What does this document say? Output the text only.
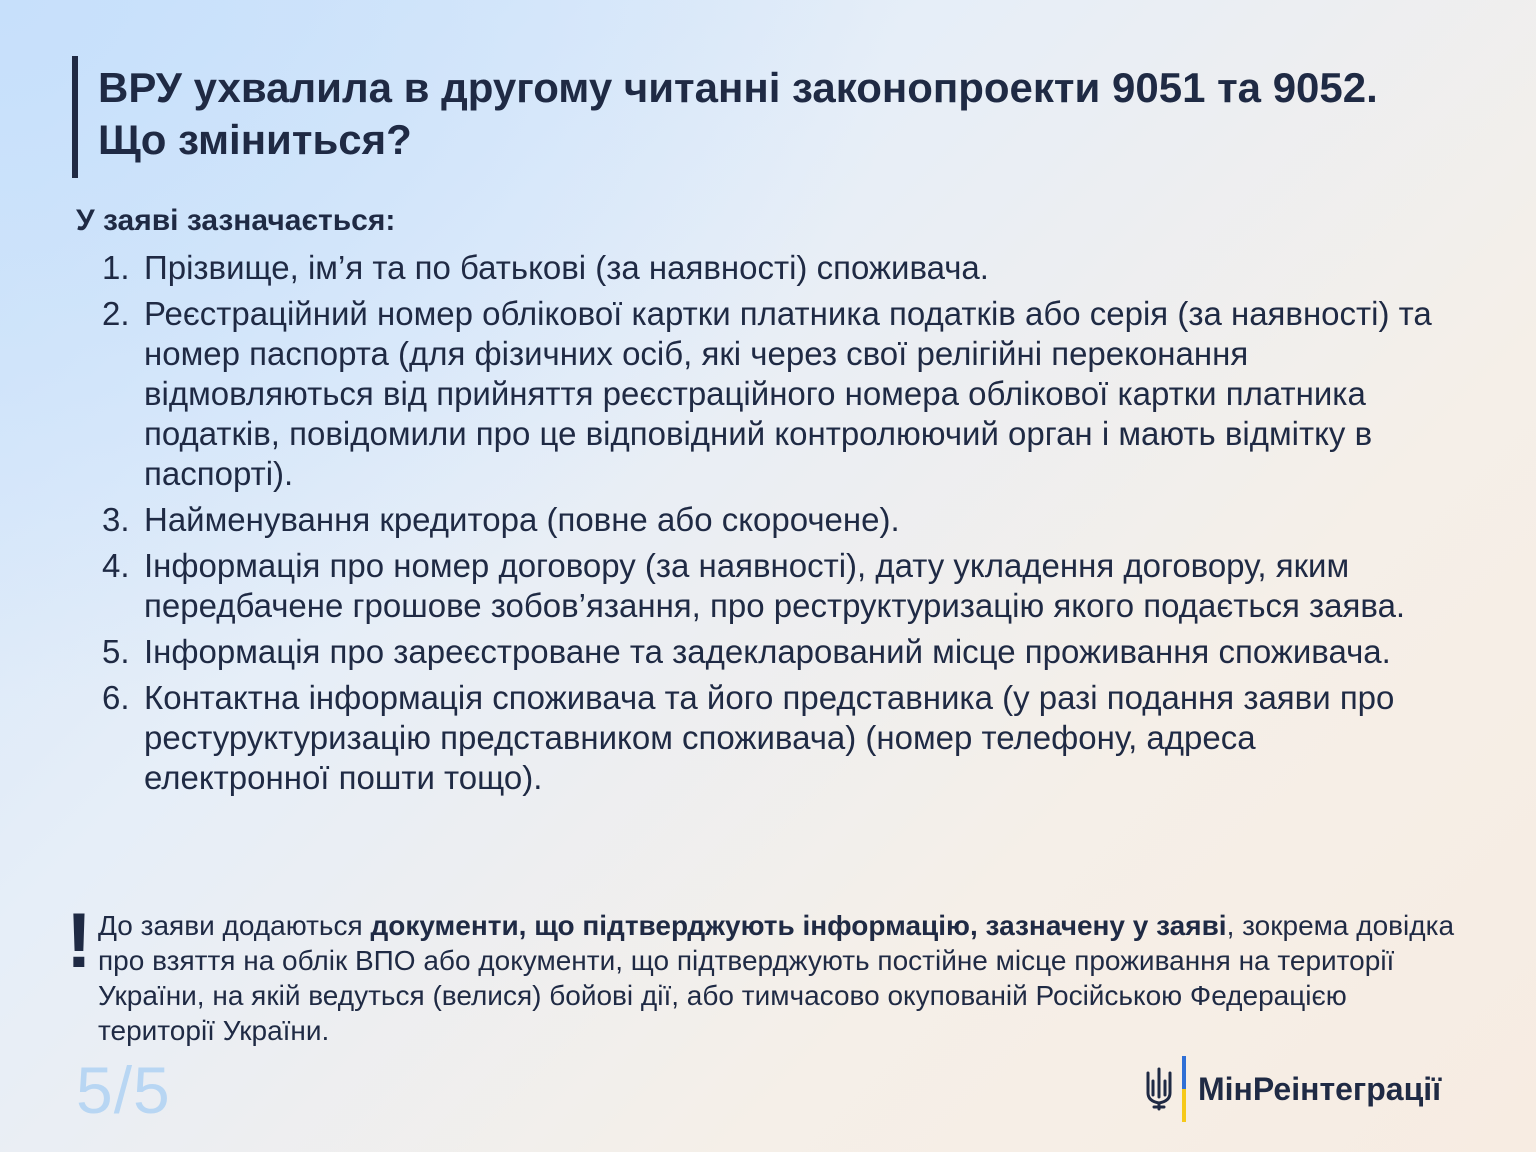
ВРУ ухвалила в другому читанні законопроекти 9051 та 9052. Що зміниться?

У заяві зазначається:

1. Прізвище, ім’я та по батькові (за наявності) споживача.
2. Реєстраційний номер облікової картки платника податків або серія (за наявності) та номер паспорта (для фізичних осіб, які через свої релігійні переконання відмовляються від прийняття реєстраційного номера облікової картки платника податків, повідомили про це відповідний контролюючий орган і мають відмітку в паспорті).
3. Найменування кредитора (повне або скорочене).
4. Інформація про номер договору (за наявності), дату укладення договору, яким передбачене грошове зобов’язання, про реструктуризацію якого подається заява.
5. Інформація про зареєстроване та задекларований місце проживання споживача.
6. Контактна інформація споживача та його представника (у разі подання заяви про рестуруктуризацію представником споживача) (номер телефону, адреса електронної пошти тощо).
! До заяви додаються документи, що підтверджують інформацію, зазначену у заяві, зокрема довідка про взяття на облік ВПО або документи, що підтверджують постійне місце проживання на території України, на якій ведуться (велися) бойові дії, або тимчасово окупованій Російською Федерацією території України.

5/5	МінРеінтеграції
